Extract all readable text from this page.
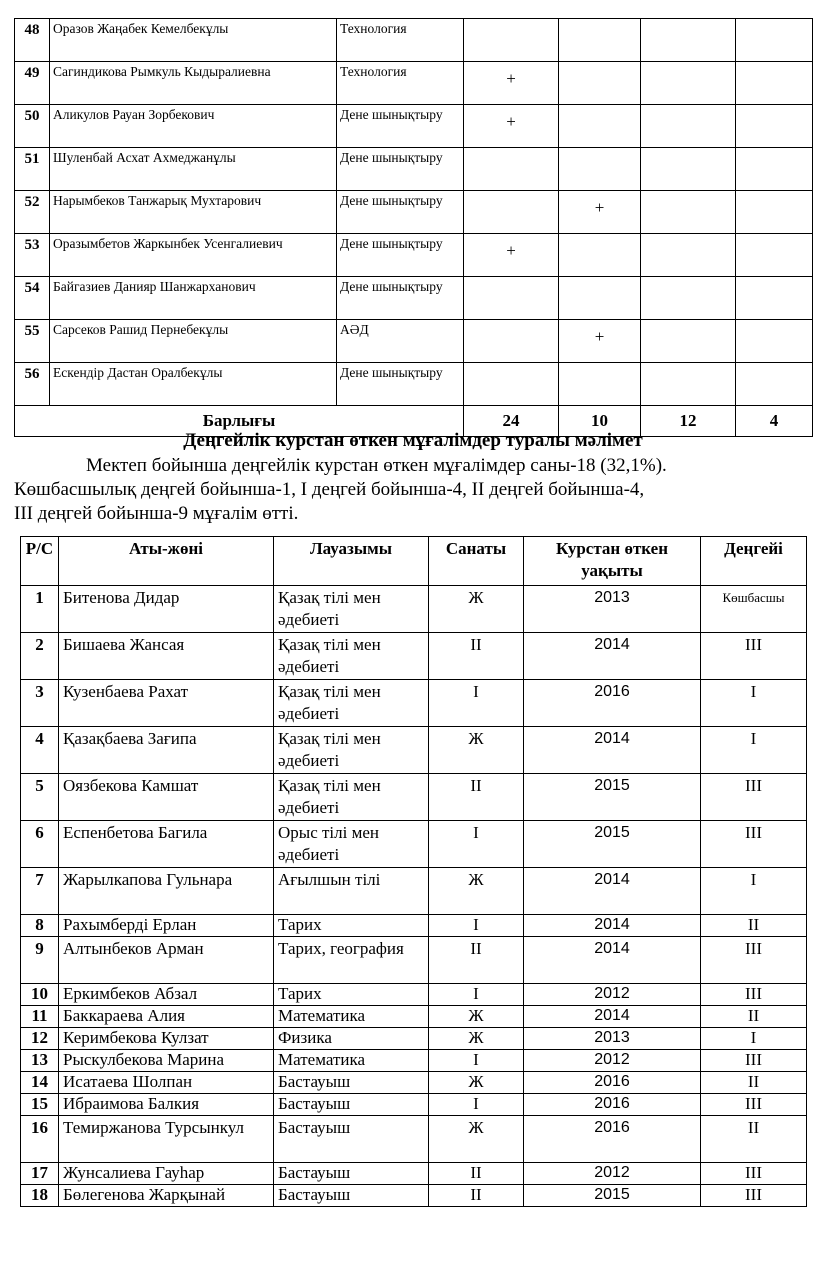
48	Оразов Жаңабек Кемелбекұлы	Технология				
49	Сагиндикова Рымкуль Кыдыралиевна	Технология	+			
50	Аликулов Рауан Зорбекович	Дене шынықтыру	+			
51	Шуленбай Асхат Ахмеджанұлы	Дене шынықтыру				
52	Нарымбеков Танжарық Мухтарович	Дене шынықтыру		+		
53	Оразымбетов Жаркынбек Усенгалиевич	Дене шынықтыру	+			
54	Байгазиев Данияр Шанжарханович	Дене шынықтыру				
55	Сарсеков Рашид Пернебекұлы	АӘД		+		
56	Ескендір Дастан Оралбекұлы	Дене шынықтыру				
Барлығы			24	10	12	4
Деңгейлік курстан өткен мұғалімдер туралы мәлімет
Мектеп бойынша деңгейлік курстан өткен мұғалімдер саны-18 (32,1%).
Көшбасшылық деңгей бойынша-1, І деңгей бойынша-4, ІІ деңгей бойынша-4,
ІІІ деңгей бойынша-9 мұғалім өтті.
Р/С	Аты-жөні	Лауазымы	Санаты	Курстан өткен уақыты	Деңгейі
1	Битенова Дидар	Қазақ тілі мен әдебиеті	Ж	2013	Көшбасшы
2	Бишаева Жансая	Қазақ тілі мен әдебиеті	ІІ	2014	ІІІ
3	Кузенбаева Рахат	Қазақ тілі мен әдебиеті	І	2016	І
4	Қазақбаева Зағипа	Қазақ тілі мен әдебиеті	Ж	2014	І
5	Оязбекова Камшат	Қазақ тілі мен әдебиеті	ІІ	2015	ІІІ
6	Еспенбетова Багила	Орыс тілі мен әдебиеті	І	2015	ІІІ
7	Жарылкапова Гульнара	Ағылшын тілі	Ж	2014	І
8	Рахымберді Ерлан	Тарих	І	2014	ІІ
9	Алтынбеков Арман	Тарих, география	ІІ	2014	ІІІ
10	Еркимбеков Абзал	Тарих	І	2012	ІІІ
11	Баккараева Алия	Математика	Ж	2014	ІІ
12	Керимбекова Кулзат	Физика	Ж	2013	І
13	Рыскулбекова Марина	Математика	І	2012	ІІІ
14	Исатаева Шолпан	Бастауыш	Ж	2016	ІІ
15	Ибраимова Балкия	Бастауыш	І	2016	ІІІ
16	Темиржанова Турсынкул	Бастауыш	Ж	2016	ІІ
17	Жунсалиева Гауһар	Бастауыш	ІІ	2012	ІІІ
18	Бөлегенова Жарқынай	Бастауыш	ІІ	2015	ІІІ
